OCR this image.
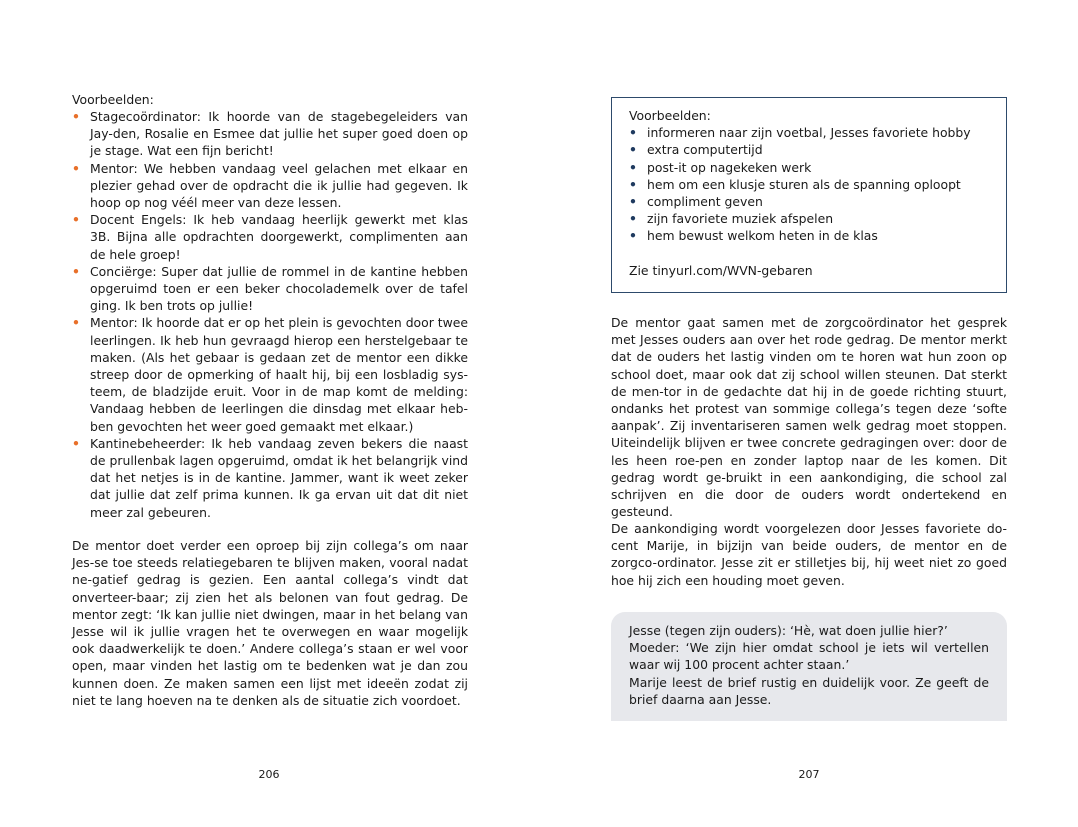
Voorbeelden:
• Stagecoördinator: Ik hoorde van de stagebegeleiders van Jay-den, Rosalie en Esmee dat jullie het super goed doen op je stage. Wat een fijn bericht!
• Mentor: We hebben vandaag veel gelachen met elkaar en plezier gehad over de opdracht die ik jullie had gegeven. Ik hoop op nog véél meer van deze lessen.
• Docent Engels: Ik heb vandaag heerlijk gewerkt met klas 3B. Bijna alle opdrachten doorgewerkt, complimenten aan de hele groep!
• Conciërge: Super dat jullie de rommel in de kantine hebben opgeruimd toen er een beker chocolademelk over de tafel ging. Ik ben trots op jullie!
• Mentor: Ik hoorde dat er op het plein is gevochten door twee leerlingen. Ik heb hun gevraagd hierop een herstelgebaar te maken. (Als het gebaar is gedaan zet de mentor een dikke streep door de opmerking of haalt hij, bij een losbladig sys-teem, de bladzijde eruit. Voor in de map komt de melding: Vandaag hebben de leerlingen die dinsdag met elkaar heb-ben gevochten het weer goed gemaakt met elkaar.)
• Kantinebeheerder: Ik heb vandaag zeven bekers die naast de prullenbak lagen opgeruimd, omdat ik het belangrijk vind dat het netjes is in de kantine. Jammer, want ik weet zeker dat jullie dat zelf prima kunnen. Ik ga ervan uit dat dit niet meer zal gebeuren.
De mentor doet verder een oproep bij zijn collega’s om naar Jes-se toe steeds relatiegebaren te blijven maken, vooral nadat ne-gatief gedrag is gezien. Een aantal collega’s vindt dat onverteer-baar; zij zien het als belonen van fout gedrag. De mentor zegt: ‘Ik kan jullie niet dwingen, maar in het belang van Jesse wil ik jullie vragen het te overwegen en waar mogelijk ook daadwerkelijk te doen.’ Andere collega’s staan er wel voor open, maar vinden het lastig om te bedenken wat je dan zou kunnen doen. Ze maken samen een lijst met ideeën zodat zij niet te lang hoeven na te denken als de situatie zich voordoet.
206
Voorbeelden:
• informeren naar zijn voetbal, Jesses favoriete hobby
• extra computertijd
• post-it op nagekeken werk
• hem om een klusje sturen als de spanning oploopt
• compliment geven
• zijn favoriete muziek afspelen
• hem bewust welkom heten in de klas
Zie tinyurl.com/WVN-gebaren
De mentor gaat samen met de zorgcoördinator het gesprek met Jesses ouders aan over het rode gedrag. De mentor merkt dat de ouders het lastig vinden om te horen wat hun zoon op school doet, maar ook dat zij school willen steunen. Dat sterkt de men-tor in de gedachte dat hij in de goede richting stuurt, ondanks het protest van sommige collega’s tegen deze ‘softe aanpak’. Zij inventariseren samen welk gedrag moet stoppen. Uiteindelijk blijven er twee concrete gedragingen over: door de les heen roe-pen en zonder laptop naar de les komen. Dit gedrag wordt ge-bruikt in een aankondiging, die school zal schrijven en die door de ouders wordt ondertekend en gesteund.
De aankondiging wordt voorgelezen door Jesses favoriete do-cent Marije, in bijzijn van beide ouders, de mentor en de zorgco-ordinator. Jesse zit er stilletjes bij, hij weet niet zo goed hoe hij zich een houding moet geven.
Jesse (tegen zijn ouders): ‘Hè, wat doen jullie hier?’
Moeder: ‘We zijn hier omdat school je iets wil vertellen waar wij 100 procent achter staan.’
Marije leest de brief rustig en duidelijk voor. Ze geeft de brief daarna aan Jesse.
207
